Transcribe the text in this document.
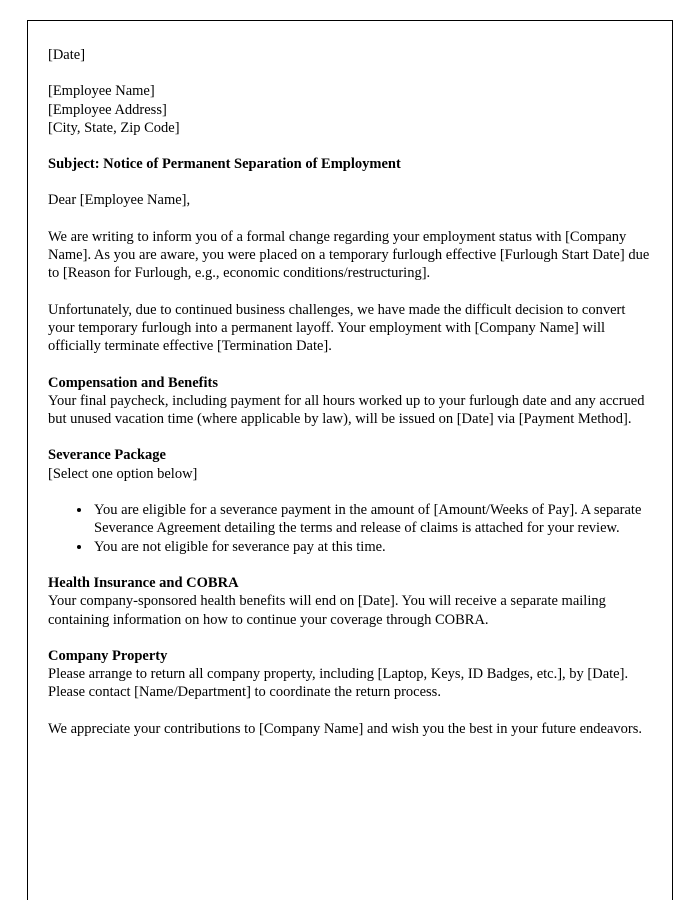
[Date]

[Employee Name]

[Employee Address]

[City, State, Zip Code]

Subject: Notice of Permanent Separation of Employment

Dear [Employee Name],

We are writing to inform you of a formal change regarding your employment status with [Company Name]. As you are aware, you were placed on a temporary furlough effective [Furlough Start Date] due to [Reason for Furlough, e.g., economic conditions/restructuring].

Unfortunately, due to continued business challenges, we have made the difficult decision to convert your temporary furlough into a permanent layoff. Your employment with [Company Name] will officially terminate effective [Termination Date].

Compensation and Benefits

Your final paycheck, including payment for all hours worked up to your furlough date and any accrued but unused vacation time (where applicable by law), will be issued on [Date] via [Payment Method].

Severance Package

[Select one option below]

• You are eligible for a severance payment in the amount of [Amount/Weeks of Pay]. A separate Severance Agreement detailing the terms and release of claims is attached for your review.
• You are not eligible for severance pay at this time.

Health Insurance and COBRA

Your company-sponsored health benefits will end on [Date]. You will receive a separate mailing containing information on how to continue your coverage through COBRA.

Company Property

Please arrange to return all company property, including [Laptop, Keys, ID Badges, etc.], by [Date]. Please contact [Name/Department] to coordinate the return process.

We appreciate your contributions to [Company Name] and wish you the best in your future endeavors.
